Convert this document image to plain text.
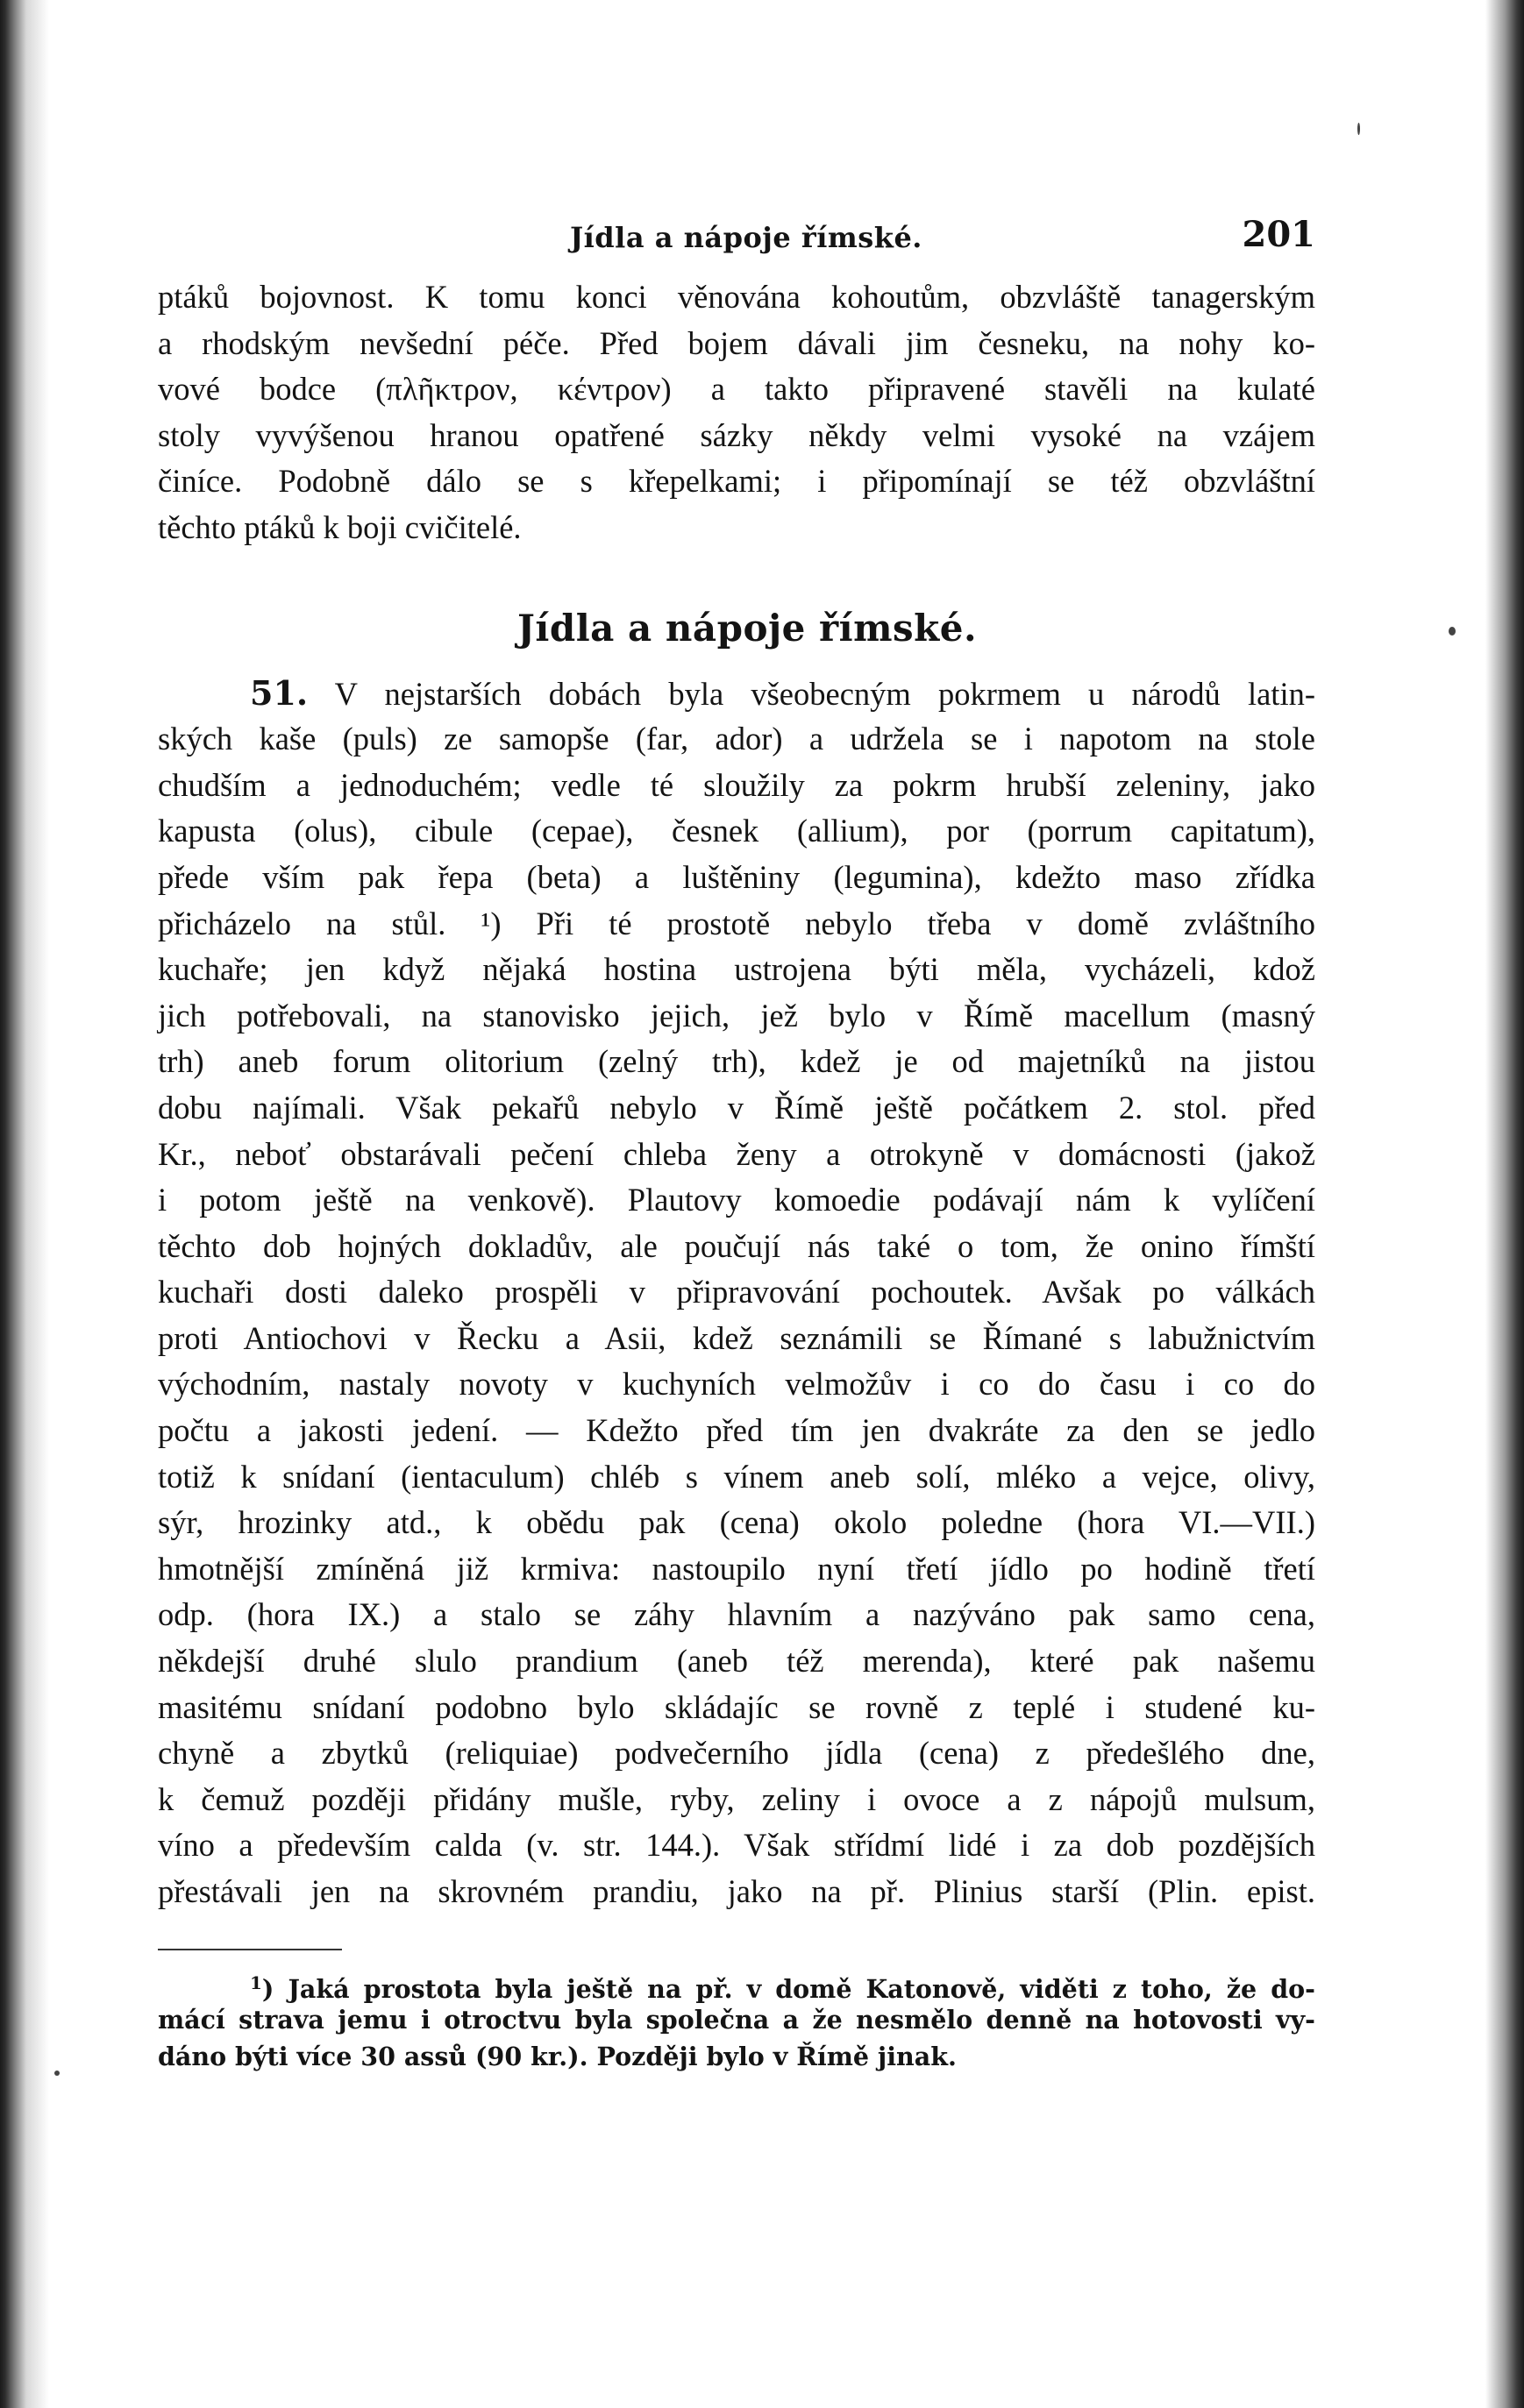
Jídla a nápoje římské.	201
ptáků bojovnost. K tomu konci věnována kohoutům, obzvláště tanagerským
a rhodským nevšední péče. Před bojem dávali jim česneku, na nohy ko-
vové bodce (πλῆκτρον, κέντρον) a takto připravené stavěli na kulaté
stoly vyvýšenou hranou opatřené sázky někdy velmi vysoké na vzájem
činíce. Podobně dálo se s křepelkami; i připomínají se též obzvláštní
těchto ptáků k boji cvičitelé.
Jídla a nápoje římské.
51. V nejstarších dobách byla všeobecným pokrmem u národů latin-
ských kaše (puls) ze samopše (far, ador) a udržela se i napotom na stole
chudším a jednoduchém; vedle té sloužily za pokrm hrubší zeleniny, jako
kapusta (olus), cibule (cepae), česnek (allium), por (porrum capitatum),
přede vším pak řepa (beta) a luštěniny (legumina), kdežto maso zřídka
přicházelo na stůl. ¹) Při té prostotě nebylo třeba v domě zvláštního
kuchaře; jen když nějaká hostina ustrojena býti měla, vycházeli, kdož
jich potřebovali, na stanovisko jejich, jež bylo v Římě macellum (masný
trh) aneb forum olitorium (zelný trh), kdež je od majetníků na jistou
dobu najímali. Však pekařů nebylo v Římě ještě počátkem 2. stol. před
Kr., neboť obstarávali pečení chleba ženy a otrokyně v domácnosti (jakož
i potom ještě na venkově). Plautovy komoedie podávají nám k vylíčení
těchto dob hojných dokladův, ale poučují nás také o tom, že onino římští
kuchaři dosti daleko prospěli v připravování pochoutek. Avšak po válkách
proti Antiochovi v Řecku a Asii, kdež seznámili se Římané s labužnictvím
východním, nastaly novoty v kuchyních velmožův i co do času i co do
počtu a jakosti jedení. — Kdežto před tím jen dvakráte za den se jedlo
totiž k snídaní (ientaculum) chléb s vínem aneb solí, mléko a vejce, olivy,
sýr, hrozinky atd., k obědu pak (cena) okolo poledne (hora VI.—VII.)
hmotnější zmíněná již krmiva: nastoupilo nyní třetí jídlo po hodině třetí
odp. (hora IX.) a stalo se záhy hlavním a nazýváno pak samo cena,
někdejší druhé slulo prandium (aneb též merenda), které pak našemu
masitému snídaní podobno bylo skládajíc se rovně z teplé i studené ku-
chyně a zbytků (reliquiae) podvečerního jídla (cena) z předešlého dne,
k čemuž později přidány mušle, ryby, zeliny i ovoce a z nápojů mulsum,
víno a především calda (v. str. 144.). Však střídmí lidé i za dob pozdějších
přestávali jen na skrovném prandiu, jako na př. Plinius starší (Plin. epist.
$^1$) Jaká prostota byla ještě na př. v domě Katonově, viděti z toho, že do-
mácí strava jemu i otroctvu byla společna a že nesmělo denně na hotovosti vy-
dáno býti více 30 assů (90 kr.). Později bylo v Římě jinak.
